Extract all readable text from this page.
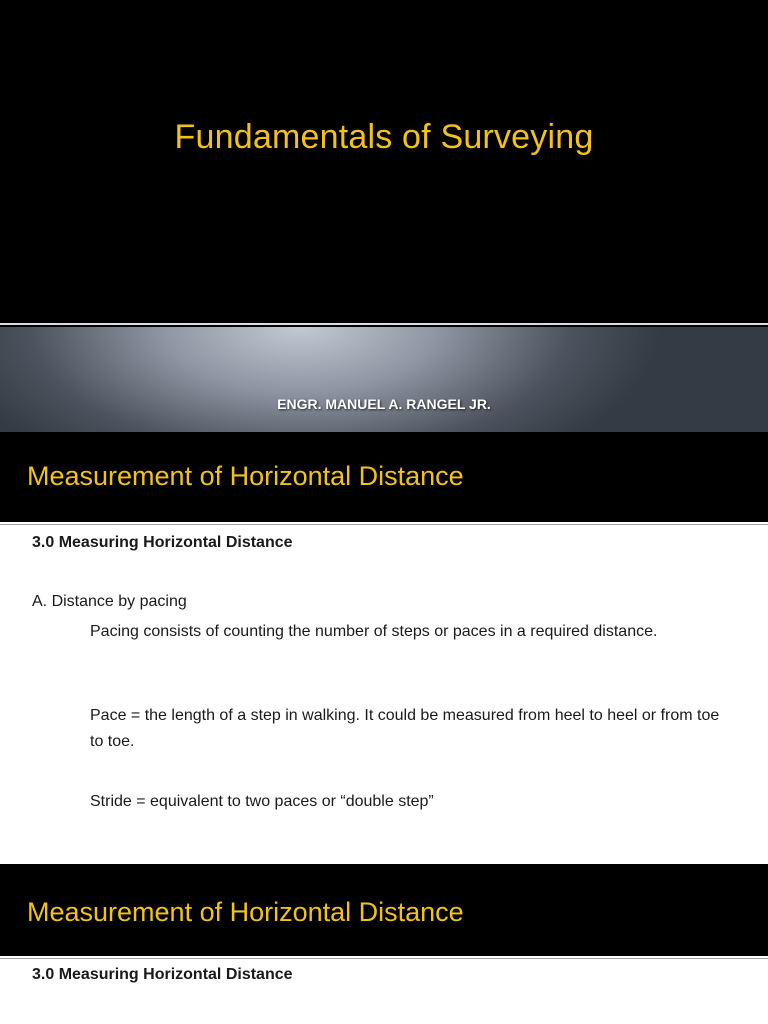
Fundamentals of Surveying
ENGR. MANUEL A. RANGEL JR.
Measurement of Horizontal Distance
3.0 Measuring Horizontal Distance
A. Distance by pacing
Pacing consists of counting the number of steps or paces in a required distance.
Pace = the length of a step in walking. It could be measured from heel to heel or from toe to toe.
Stride = equivalent to two paces or “double step”
Measurement of Horizontal Distance
3.0 Measuring Horizontal Distance
